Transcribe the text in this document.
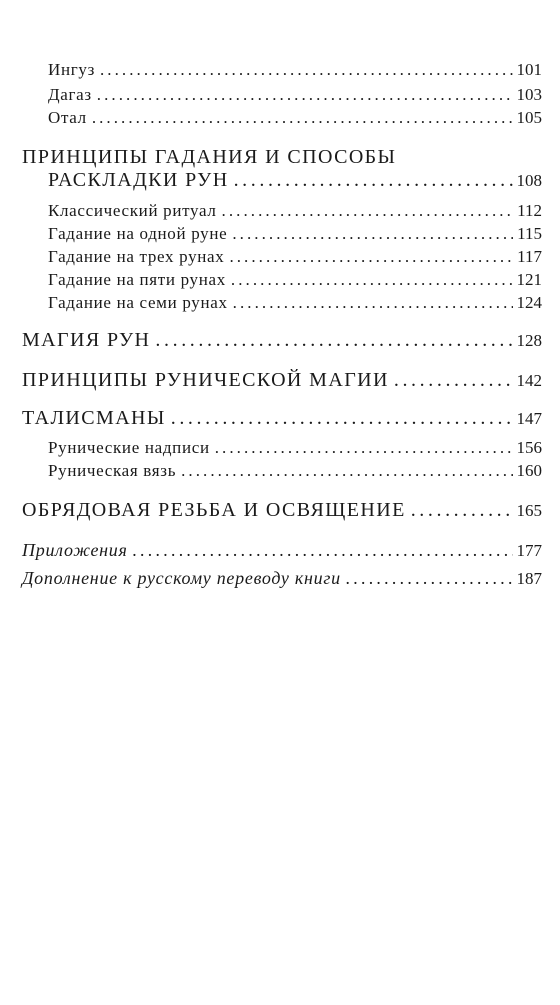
Ингуз .....	101
Дагаз .....	103
Отал .....	105
ПРИНЦИПЫ ГАДАНИЯ И СПОСОБЫ
РАСКЛАДКИ РУН .....	108
Классический ритуал .....	112
Гадание на одной руне .....	115
Гадание на трех рунах .....	117
Гадание на пяти рунах .....	121
Гадание на семи рунах .....	124
МАГИЯ РУН .....	128
ПРИНЦИПЫ РУНИЧЕСКОЙ МАГИИ .....	142
ТАЛИСМАНЫ .....	147
Рунические надписи .....	156
Руническая вязь .....	160
ОБРЯДОВАЯ РЕЗЬБА И ОСВЯЩЕНИЕ .....	165
Приложения .....	177
Дополнение к русскому переводу книги .....	187
